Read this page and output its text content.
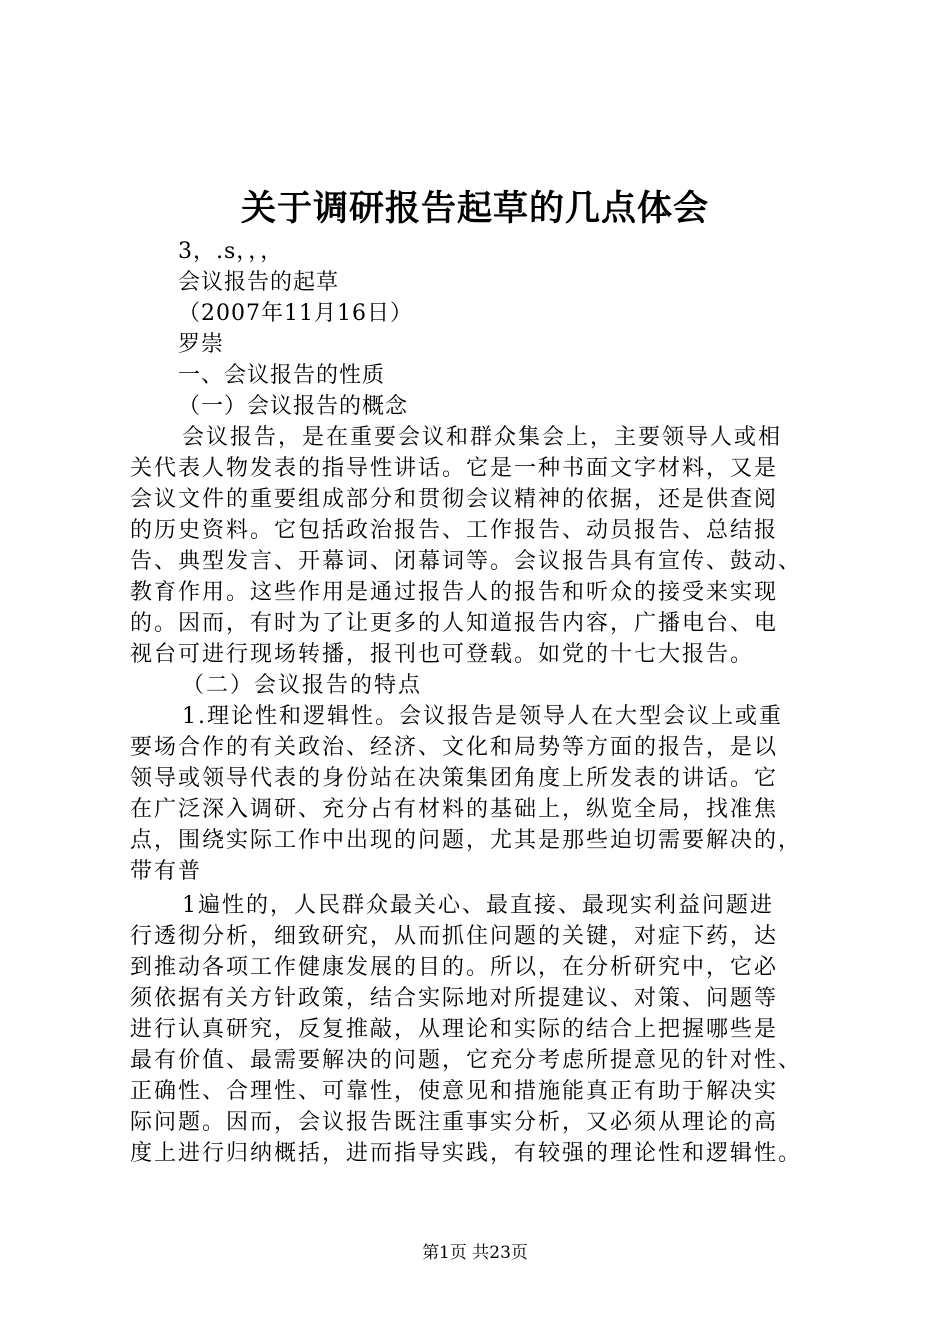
关于调研报告起草的几点体会
3，.s，，，
会议报告的起草
（2007年11月16日）
罗崇
一、会议报告的性质
（一）会议报告的概念
会议报告，是在重要会议和群众集会上，主要领导人或相
关代表人物发表的指导性讲话。它是一种书面文字材料，又是
会议文件的重要组成部分和贯彻会议精神的依据，还是供查阅
的历史资料。它包括政治报告、工作报告、动员报告、总结报
告、典型发言、开幕词、闭幕词等。会议报告具有宣传、鼓动、
教育作用。这些作用是通过报告人的报告和听众的接受来实现
的。因而，有时为了让更多的人知道报告内容，广播电台、电
视台可进行现场转播，报刊也可登载。如党的十七大报告。
（二）会议报告的特点
1.理论性和逻辑性。会议报告是领导人在大型会议上或重
要场合作的有关政治、经济、文化和局势等方面的报告，是以
领导或领导代表的身份站在决策集团角度上所发表的讲话。它
在广泛深入调研、充分占有材料的基础上，纵览全局，找准焦
点，围绕实际工作中出现的问题，尤其是那些迫切需要解决的，
带有普
1遍性的，人民群众最关心、最直接、最现实利益问题进
行透彻分析，细致研究，从而抓住问题的关键，对症下药，达
到推动各项工作健康发展的目的。所以，在分析研究中，它必
须依据有关方针政策，结合实际地对所提建议、对策、问题等
进行认真研究，反复推敲，从理论和实际的结合上把握哪些是
最有价值、最需要解决的问题，它充分考虑所提意见的针对性、
正确性、合理性、可靠性，使意见和措施能真正有助于解决实
际问题。因而，会议报告既注重事实分析，又必须从理论的高
度上进行归纳概括，进而指导实践，有较强的理论性和逻辑性。
第1页 共23页
